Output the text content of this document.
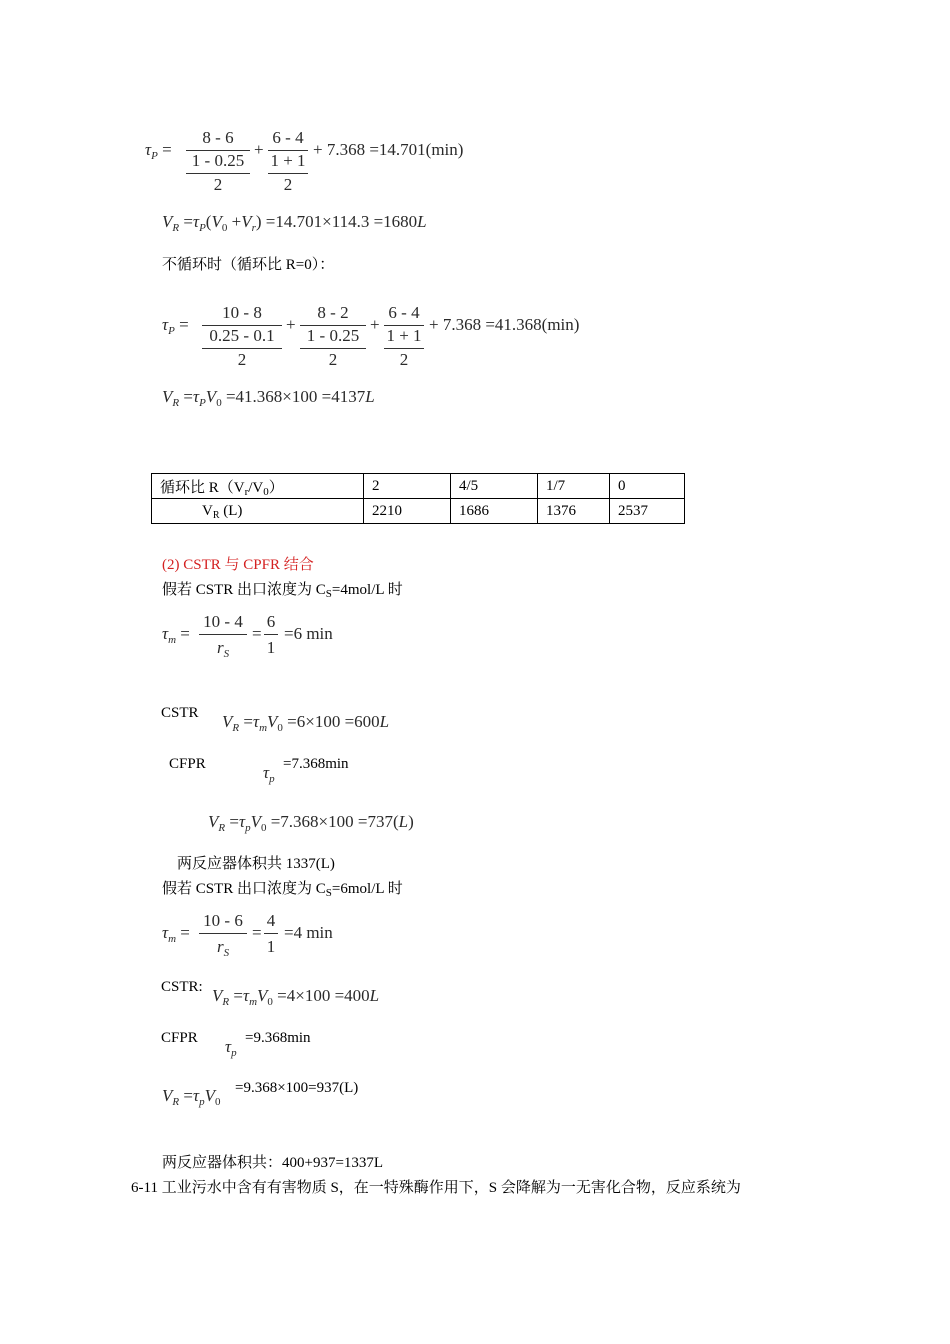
$\tau_P$ =
8 - 6
1 - 0.25
2
+
6 - 4
1 + 1
2
+ 7.368 =14.701(min)
$V_R =\tau_P(V_0 +V_r) =14.701\times 114.3 =1680L$
不循环时（循环比 R=0）：
$\tau_P$ =
10 - 8
0.25 - 0.1
2
+
8 - 2
1 - 0.25
2
+
6 - 4
1 + 1
2
+ 7.368 =41.368(min)
$V_R =\tau_PV_0 =41.368\times 100 =4137L$
循环比 $R(V_r/V_0)$	2	4/5	1/7	0
$V_R$ (L)	2210	1686	1376	2537
(2) CSTR 与 CPFR 结合
假若 CSTR 出口浓度为 $C_S=4mol/L$ 时
$\tau_m$ =
10 - 4
$r_S$
=
6
1
=6 min
CSTR $V_R =\tau_mV_0 =6\times 100 =600L$
CFPR	$\tau_p$
=7.368min
$V_R =\tau_pV_0 =7.368\times 100 =737(L)$
两反应器体积共 1337(L)
假若 CSTR 出口浓度为 $C_S=6mol/L$ 时
$\tau_m$ =
10 - 6
$r_S$
=
4
1
=4 min
CSTR: $V_R =\tau_mV_0 =4\times 100 =400L$
CFPR $\tau_p$
=9.368min
$V_R =\tau_pV_0$
=9.368×100=937(L)
两反应器体积共：400+937=1337L
6-11 工业污水中含有有害物质 S，在一特殊酶作用下，S 会降解为一无害化合物，反应系统为
